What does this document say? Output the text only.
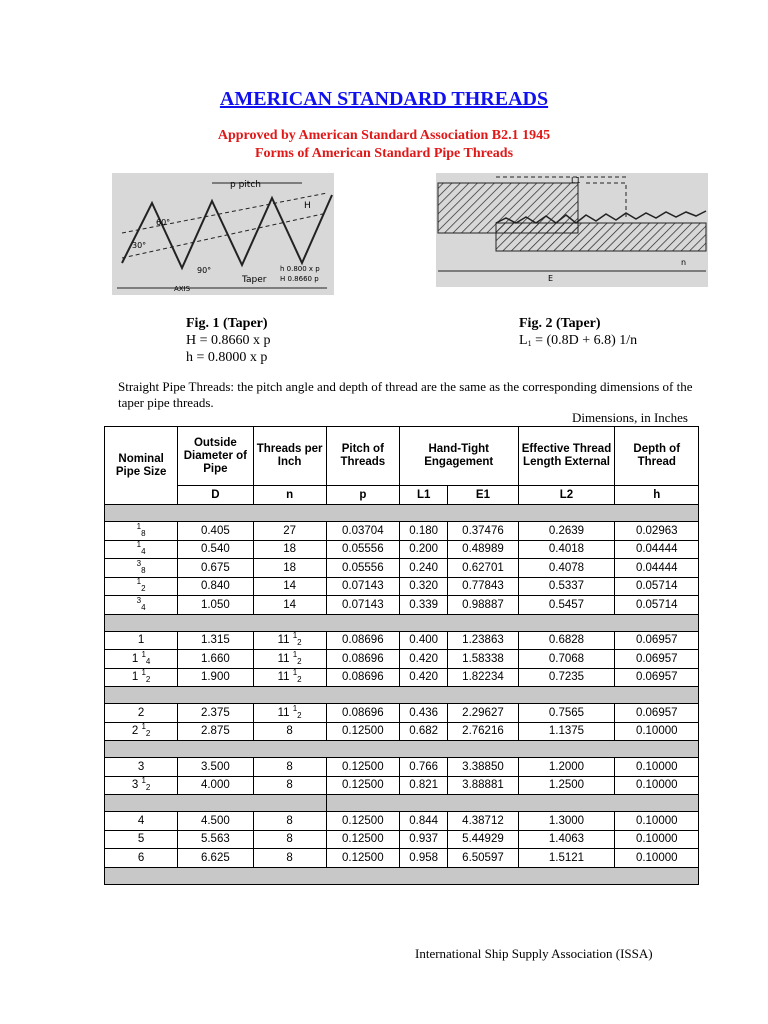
AMERICAN STANDARD THREADS
Approved by American Standard Association B2.1 1945
Forms of American Standard Pipe Threads
p pitch
Taper
AXIS
H
h 0.800 x p
H 0.8660 p
60°
30°
90°
L1
E
n
Fig. 1 (Taper)
H = 0.8660 x p
h = 0.8000 x p
Fig. 2 (Taper)
$L_1 = (0.8D + 6.8)$ 1/n
Straight Pipe Threads: the pitch angle and depth of thread are the same as the corresponding dimensions of the taper pipe threads.
Dimensions, in Inches
Nominal Pipe Size	Outside Diameter of Pipe	Threads per Inch	Pitch of Threads	Hand-Tight Engagement		Effective Thread Length External	Depth of Thread
	D	n	p	L1	E1	L2	h

$^1_8$	0.405	27	0.03704	0.180	0.37476	0.2639	0.02963
$^1_4$	0.540	18	0.05556	0.200	0.48989	0.4018	0.04444
$^3_8$	0.675	18	0.05556	0.240	0.62701	0.4078	0.04444
$^1_2$	0.840	14	0.07143	0.320	0.77843	0.5337	0.05714
$^3_4$	1.050	14	0.07143	0.339	0.98887	0.5457	0.05714

1	1.315	11 $^1_2$	0.08696	0.400	1.23863	0.6828	0.06957
1 $^1_4$	1.660	11 $^1_2$	0.08696	0.420	1.58338	0.7068	0.06957
1 $^1_2$	1.900	11 $^1_2$	0.08696	0.420	1.82234	0.7235	0.06957

2	2.375	11 $^1_2$	0.08696	0.436	2.29627	0.7565	0.06957
2 $^1_2$	2.875	8	0.12500	0.682	2.76216	1.1375	0.10000

3	3.500	8	0.12500	0.766	3.38850	1.2000	0.10000
3 $^1_2$	4.000	8	0.12500	0.821	3.88881	1.2500	0.10000

4	4.500	8	0.12500	0.844	4.38712	1.3000	0.10000
5	5.563	8	0.12500	0.937	5.44929	1.4063	0.10000
6	6.625	8	0.12500	0.958	6.50597	1.5121	0.10000

International Ship Supply Association (ISSA)
